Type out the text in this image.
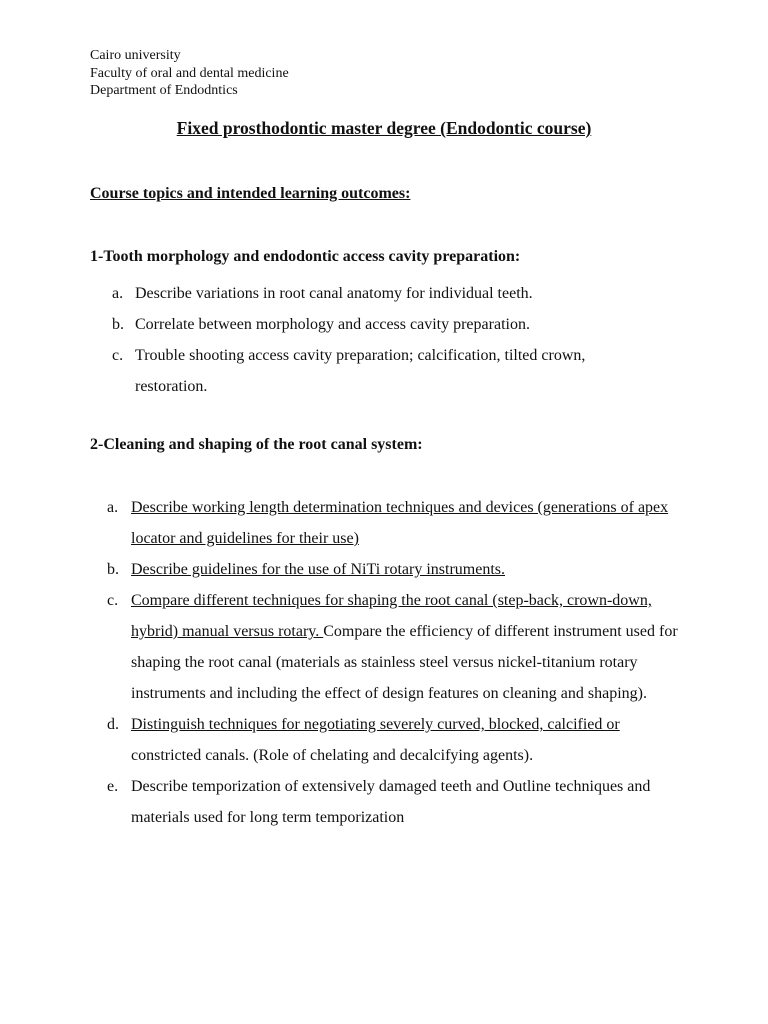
Cairo university
Faculty of oral and dental medicine
Department of Endodntics
Fixed prosthodontic master degree (Endodontic course)
Course topics and intended learning outcomes:
1-Tooth morphology and endodontic access cavity preparation:
a. Describe variations in root canal anatomy for individual teeth.
b. Correlate between morphology and access cavity preparation.
c. Trouble shooting access cavity preparation; calcification, tilted crown, restoration.
2-Cleaning and shaping of the root canal system:
a. Describe working length determination techniques and devices (generations of apex locator and guidelines for their use)
b. Describe guidelines for the use of NiTi rotary instruments.
c. Compare different techniques for shaping the root canal (step-back, crown-down, hybrid) manual versus rotary. Compare the efficiency of different instrument used for shaping the root canal (materials as stainless steel versus nickel-titanium rotary instruments and including the effect of design features on cleaning and shaping).
d. Distinguish techniques for negotiating severely curved, blocked, calcified or constricted canals. (Role of chelating and decalcifying agents).
e. Describe temporization of extensively damaged teeth and Outline techniques and materials used for long term temporization
